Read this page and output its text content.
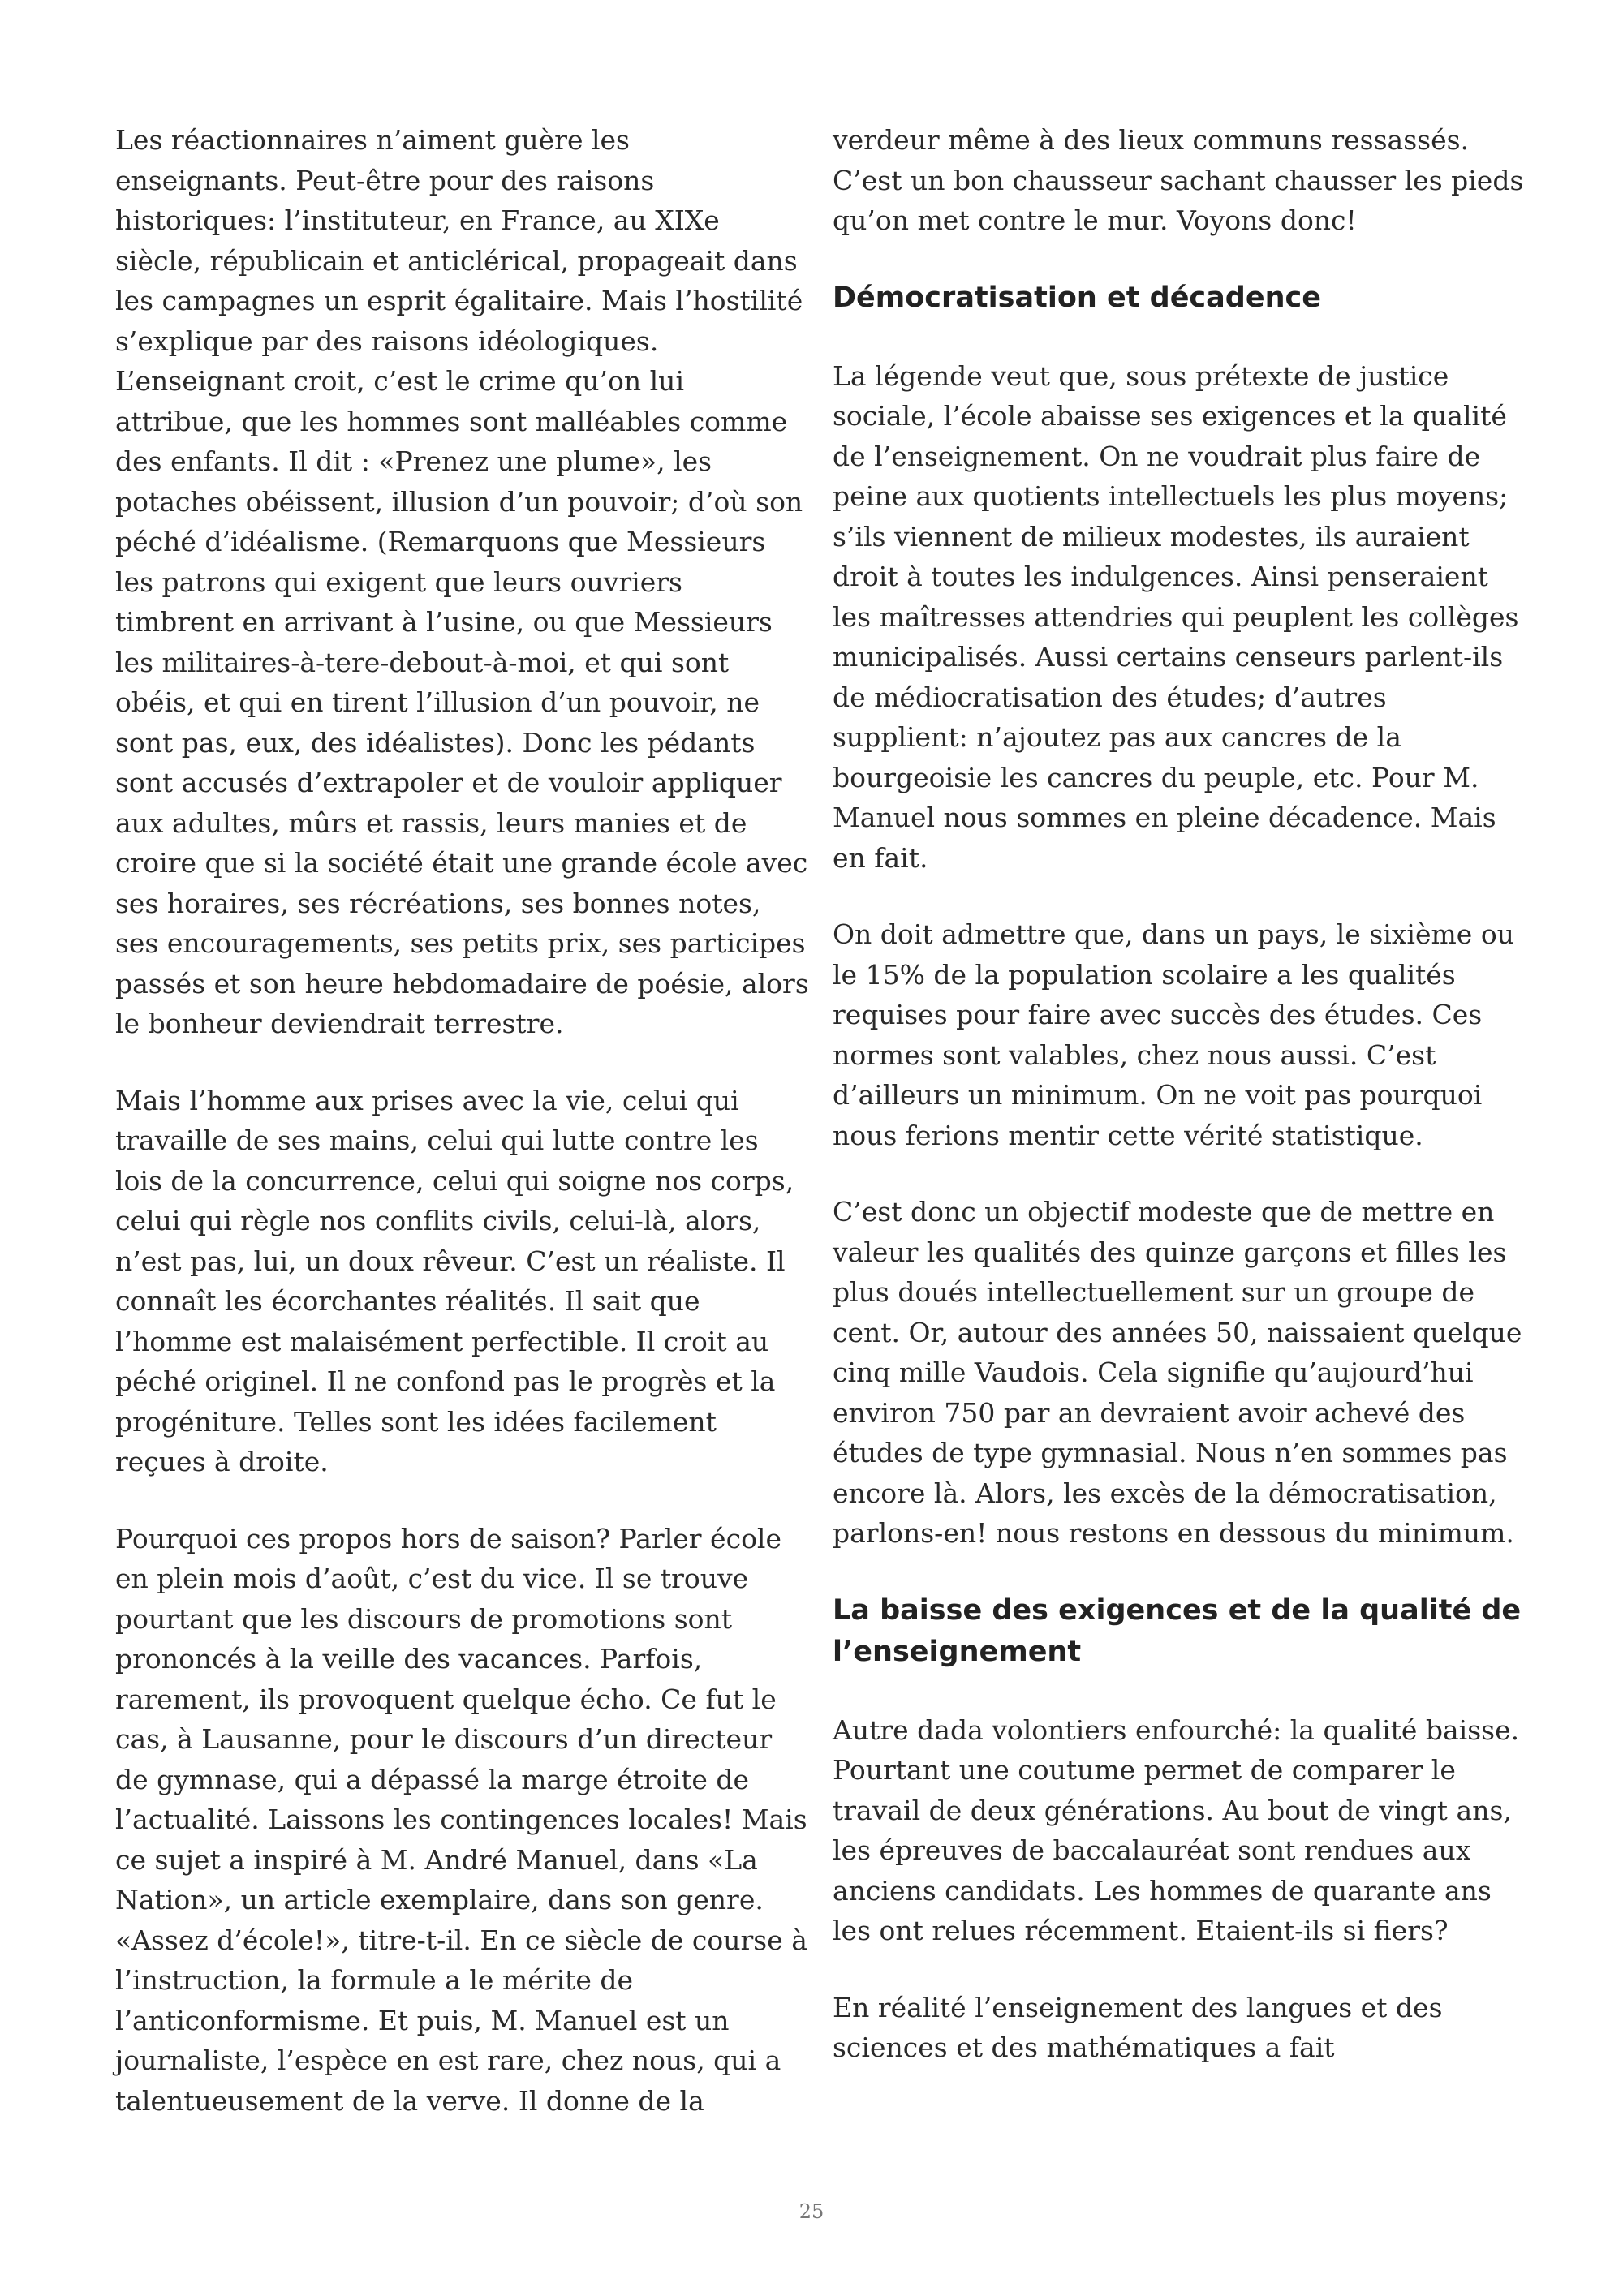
Les réactionnaires n’aiment guère les enseignants. Peut-être pour des raisons historiques: l’instituteur, en France, au XIXe siècle, républicain et anticlérical, propageait dans les campagnes un esprit égalitaire. Mais l’hostilité s’explique par des raisons idéologiques. L’enseignant croit, c’est le crime qu’on lui attribue, que les hommes sont malléables comme des enfants. Il dit : «Prenez une plume», les potaches obéissent, illusion d’un pouvoir; d’où son péché d’idéalisme. (Remarquons que Messieurs les patrons qui exigent que leurs ouvriers timbrent en arrivant à l’usine, ou que Messieurs les militaires-à-tere-debout-à-moi, et qui sont obéis, et qui en tirent l’illusion d’un pouvoir, ne sont pas, eux, des idéalistes). Donc les pédants sont accusés d’extrapoler et de vouloir appliquer aux adultes, mûrs et rassis, leurs manies et de croire que si la société était une grande école avec ses horaires, ses récréations, ses bonnes notes, ses encouragements, ses petits prix, ses participes passés et son heure hebdomadaire de poésie, alors le bonheur deviendrait terrestre.

Mais l’homme aux prises avec la vie, celui qui travaille de ses mains, celui qui lutte contre les lois de la concurrence, celui qui soigne nos corps, celui qui règle nos conflits civils, celui-là, alors, n’est pas, lui, un doux rêveur. C’est un réaliste. Il connaît les écorchantes réalités. Il sait que l’homme est malaisément perfectible. Il croit au péché originel. Il ne confond pas le progrès et la progéniture. Telles sont les idées facilement reçues à droite.

Pourquoi ces propos hors de saison? Parler école en plein mois d’août, c’est du vice. Il se trouve pourtant que les discours de promotions sont prononcés à la veille des vacances. Parfois, rarement, ils provoquent quelque écho. Ce fut le cas, à Lausanne, pour le discours d’un directeur de gymnase, qui a dépassé la marge étroite de l’actualité. Laissons les contingences locales! Mais ce sujet a inspiré à M. André Manuel, dans «La Nation», un article exemplaire, dans son genre. «Assez d’école!», titre-t-il. En ce siècle de course à l’instruction, la formule a le mérite de l’anticonformisme. Et puis, M. Manuel est un journaliste, l’espèce en est rare, chez nous, qui a talentueusement de la verve. Il donne de la

verdeur même à des lieux communs ressassés. C’est un bon chausseur sachant chausser les pieds qu’on met contre le mur. Voyons donc!

Démocratisation et décadence

La légende veut que, sous prétexte de justice sociale, l’école abaisse ses exigences et la qualité de l’enseignement. On ne voudrait plus faire de peine aux quotients intellectuels les plus moyens; s’ils viennent de milieux modestes, ils auraient droit à toutes les indulgences. Ainsi penseraient les maîtresses attendries qui peuplent les collèges municipalisés. Aussi certains censeurs parlent-ils de médiocratisation des études; d’autres supplient: n’ajoutez pas aux cancres de la bourgeoisie les cancres du peuple, etc. Pour M. Manuel nous sommes en pleine décadence. Mais en fait.

On doit admettre que, dans un pays, le sixième ou le 15% de la population scolaire a les qualités requises pour faire avec succès des études. Ces normes sont valables, chez nous aussi. C’est d’ailleurs un minimum. On ne voit pas pourquoi nous ferions mentir cette vérité statistique.

C’est donc un objectif modeste que de mettre en valeur les qualités des quinze garçons et filles les plus doués intellectuellement sur un groupe de cent. Or, autour des années 50, naissaient quelque cinq mille Vaudois. Cela signifie qu’aujourd’hui environ 750 par an devraient avoir achevé des études de type gymnasial. Nous n’en sommes pas encore là. Alors, les excès de la démocratisation, parlons-en! nous restons en dessous du minimum.

La baisse des exigences et de la qualité de l’enseignement

Autre dada volontiers enfourché: la qualité baisse. Pourtant une coutume permet de comparer le travail de deux générations. Au bout de vingt ans, les épreuves de baccalauréat sont rendues aux anciens candidats. Les hommes de quarante ans les ont relues récemment. Etaient-ils si fiers?

En réalité l’enseignement des langues et des sciences et des mathématiques a fait

25
